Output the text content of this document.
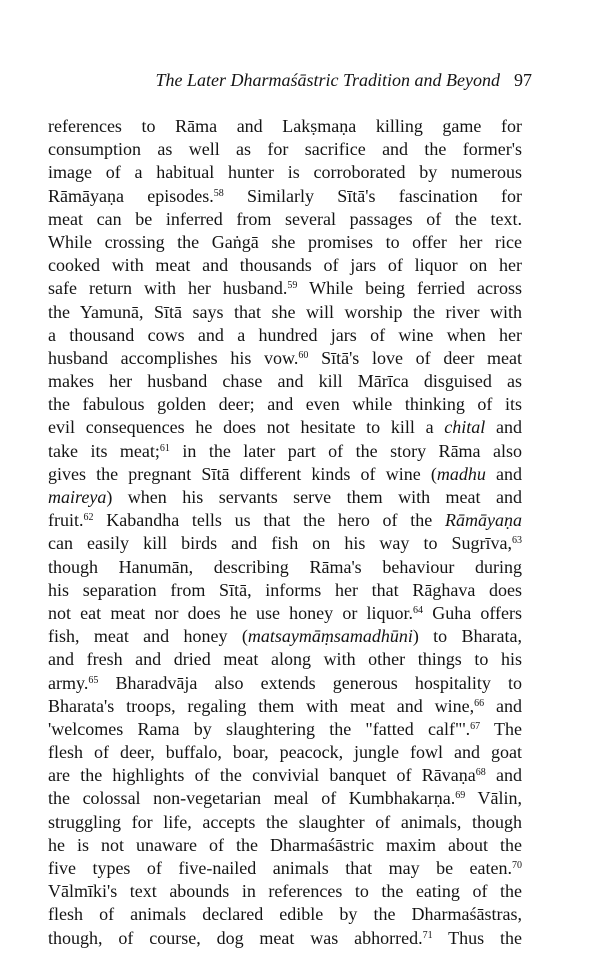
The Later Dharmaśāstric Tradition and Beyond 97
references to Rāma and Lakṣmaṇa killing game for
consumption as well as for sacrifice and the former's
image of a habitual hunter is corroborated by numerous
Rāmāyaṇa episodes.$^{58}$ Similarly Sītā's fascination for
meat can be inferred from several passages of the text.
While crossing the Gaṅgā she promises to offer her rice
cooked with meat and thousands of jars of liquor on her
safe return with her husband.$^{59}$ While being ferried across
the Yamunā, Sītā says that she will worship the river with
a thousand cows and a hundred jars of wine when her
husband accomplishes his vow.$^{60}$ Sītā's love of deer meat
makes her husband chase and kill Mārīca disguised as
the fabulous golden deer; and even while thinking of its
evil consequences he does not hesitate to kill a chital and
take its meat;$^{61}$ in the later part of the story Rāma also
gives the pregnant Sītā different kinds of wine (madhu and
maireya) when his servants serve them with meat and
fruit.$^{62}$ Kabandha tells us that the hero of the Rāmāyaṇa
can easily kill birds and fish on his way to Sugrīva,$^{63}$
though Hanumān, describing Rāma's behaviour during
his separation from Sītā, informs her that Rāghava does
not eat meat nor does he use honey or liquor.$^{64}$ Guha offers
fish, meat and honey (matsaymāṃsamadhūni) to Bharata,
and fresh and dried meat along with other things to his
army.$^{65}$ Bharadvāja also extends generous hospitality to
Bharata's troops, regaling them with meat and wine,$^{66}$ and
'welcomes Rama by slaughtering the "fatted calf"'.$^{67}$ The
flesh of deer, buffalo, boar, peacock, jungle fowl and goat
are the highlights of the convivial banquet of Rāvaṇa$^{68}$ and
the colossal non-vegetarian meal of Kumbhakarṇa.$^{69}$ Vālin,
struggling for life, accepts the slaughter of animals, though
he is not unaware of the Dharmaśāstric maxim about the
five types of five-nailed animals that may be eaten.$^{70}$
Vālmīki's text abounds in references to the eating of the
flesh of animals declared edible by the Dharmaśāstras,
though, of course, dog meat was abhorred.$^{71}$ Thus the
